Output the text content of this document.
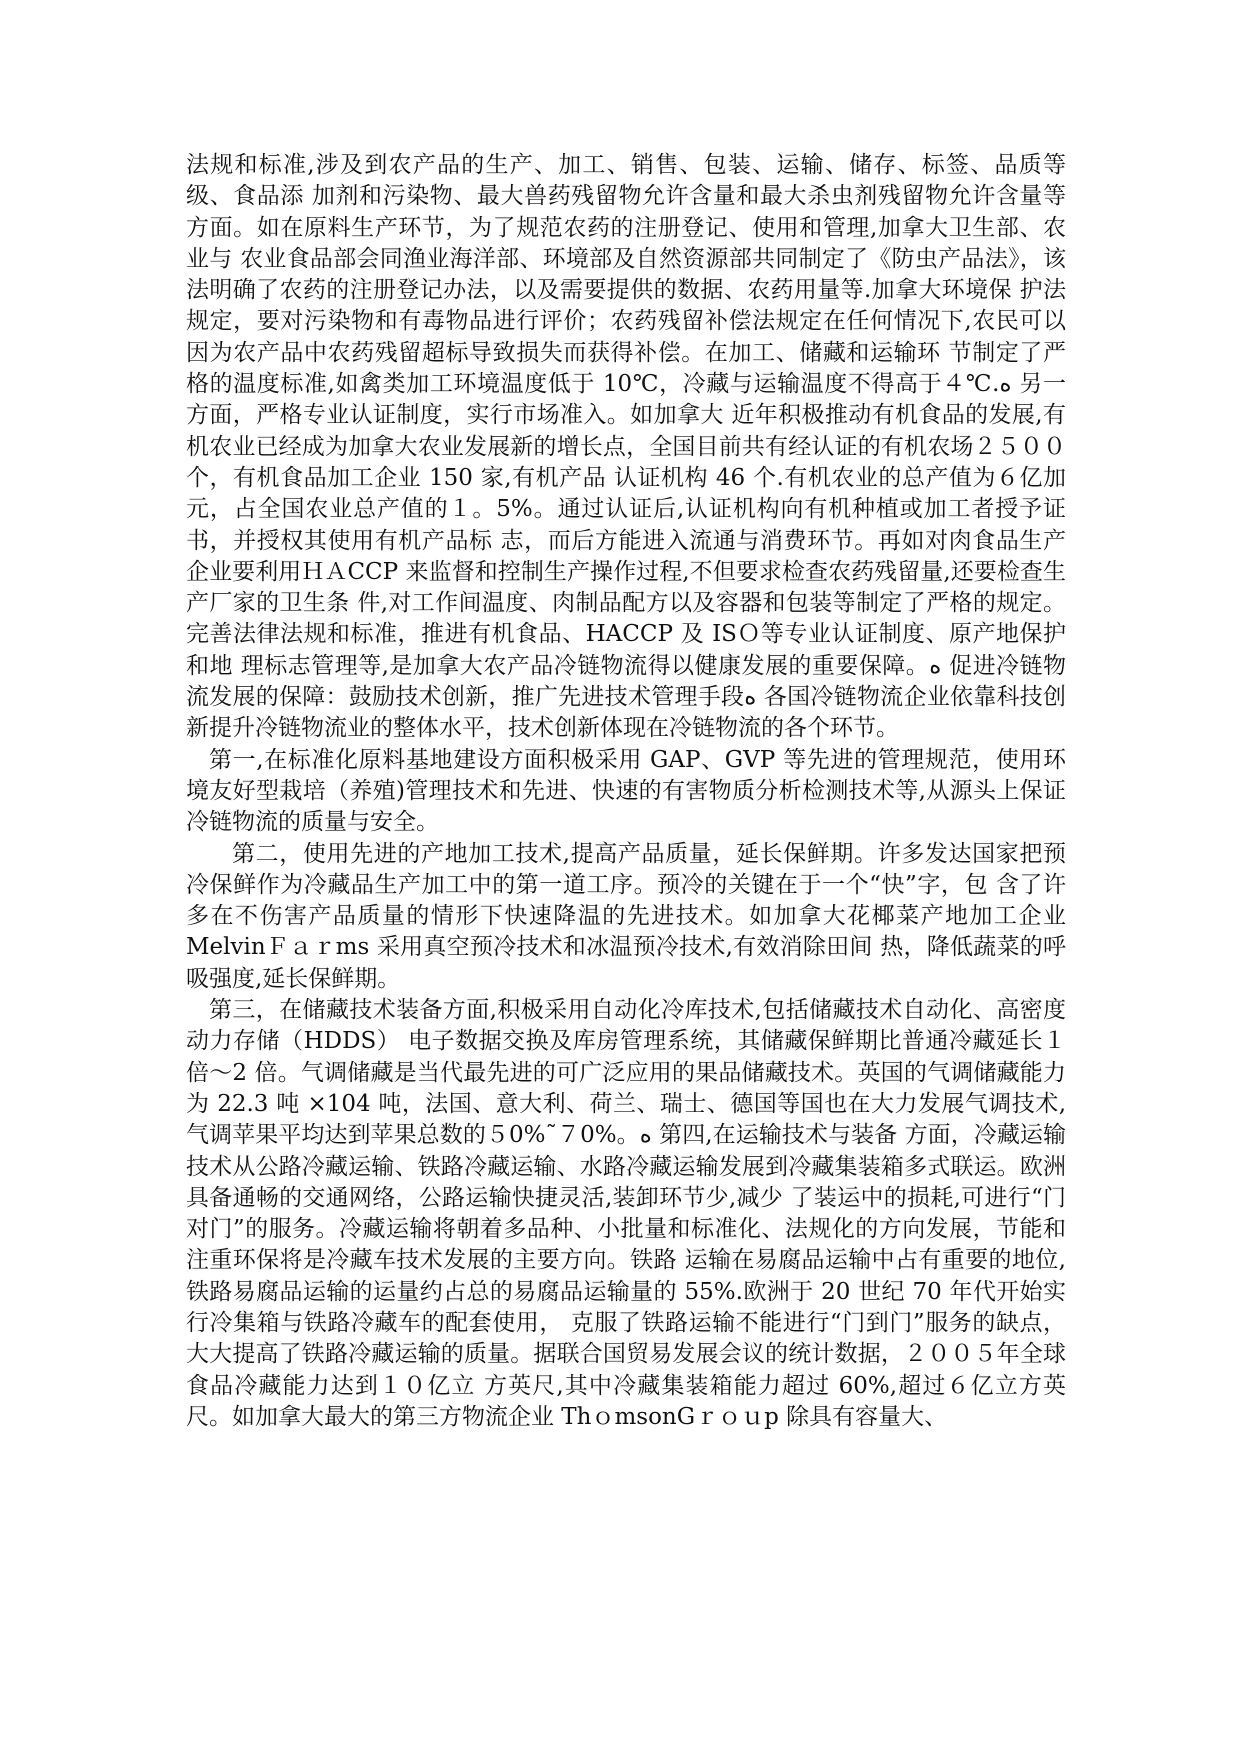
法规和标准,涉及到农产品的生产、加工、销售、包装、运输、储存、标签、品质等级、食品添 加剂和污染物、最大兽药残留物允许含量和最大杀虫剂残留物允许含量等方面。如在原料生产环节，为了规范农药的注册登记、使用和管理,加拿大卫生部、农业与 农业食品部会同渔业海洋部、环境部及自然资源部共同制定了《防虫产品法》，该法明确了农药的注册登记办法，以及需要提供的数据、农药用量等.加拿大环境保 护法规定，要对污染物和有毒物品进行评价；农药残留补偿法规定在任何情况下,农民可以因为农产品中农药残留超标导致损失而获得补偿。在加工、储藏和运输环 节制定了严格的温度标准,如禽类加工环境温度低于 10℃，冷藏与运输温度不得高于４℃.ﻩ 另一方面，严格专业认证制度，实行市场准入。如加拿大 近年积极推动有机食品的发展,有机农业已经成为加拿大农业发展新的增长点，全国目前共有经认证的有机农场２５００个，有机食品加工企业 150 家,有机产品 认证机构 46 个.有机农业的总产值为６亿加元，占全国农业总产值的１。5%。通过认证后,认证机构向有机种植或加工者授予证书，并授权其使用有机产品标 志，而后方能进入流通与消费环节。再如对肉食品生产企业要利用ＨＡCCP 来监督和控制生产操作过程,不但要求检查农药残留量,还要检查生产厂家的卫生条 件,对工作间温度、肉制品配方以及容器和包装等制定了严格的规定。完善法律法规和标准，推进有机食品、HACCP 及 ISＯ等专业认证制度、原产地保护和地 理标志管理等,是加拿大农产品冷链物流得以健康发展的重要保障。ﻩ 促进冷链物流发展的保障：鼓励技术创新，推广先进技术管理手段ﻩ 各国冷链物流企业依靠科技创新提升冷链物流业的整体水平，技术创新体现在冷链物流的各个环节。

第一,在标准化原料基地建设方面积极采用 GAP、GVP 等先进的管理规范，使用环境友好型栽培（养殖)管理技术和先进、快速的有害物质分析检测技术等,从源头上保证冷链物流的质量与安全。

第二，使用先进的产地加工技术,提高产品质量，延长保鲜期。许多发达国家把预冷保鲜作为冷藏品生产加工中的第一道工序。预冷的关键在于一个“快”字，包 含了许多在不伤害产品质量的情形下快速降温的先进技术。如加拿大花椰菜产地加工企业 MelvinＦａｒms 采用真空预冷技术和冰温预冷技术,有效消除田间 热，降低蔬菜的呼吸强度,延长保鲜期。

第三，在储藏技术装备方面,积极采用自动化冷库技术,包括储藏技术自动化、高密度动力存储（HDDS） 电子数据交换及库房管理系统，其储藏保鲜期比普通冷藏延长１倍～2 倍。气调储藏是当代最先进的可广泛应用的果品储藏技术。英国的气调储藏能力为 22.3 吨 ×104 吨，法国、意大利、荷兰、瑞士、德国等国也在大力发展气调技术,气调苹果平均达到苹果总数的５0%˜７0%。ﻩ 第四,在运输技术与装备 方面，冷藏运输技术从公路冷藏运输、铁路冷藏运输、水路冷藏运输发展到冷藏集装箱多式联运。欧洲具备通畅的交通网络，公路运输快捷灵活,装卸环节少,减少 了装运中的损耗,可进行“门对门”的服务。冷藏运输将朝着多品种、小批量和标准化、法规化的方向发展，节能和注重环保将是冷藏车技术发展的主要方向。铁路 运输在易腐品运输中占有重要的地位,铁路易腐品运输的运量约占总的易腐品运输量的 55%.欧洲于 20 世纪 70 年代开始实行冷集箱与铁路冷藏车的配套使用， 克服了铁路运输不能进行“门到门”服务的缺点，大大提高了铁路冷藏运输的质量。据联合国贸易发展会议的统计数据，２００５年全球食品冷藏能力达到１０亿立 方英尺,其中冷藏集装箱能力超过 60%,超过６亿立方英尺。如加拿大最大的第三方物流企业 ThｏmsonGｒｏｕp 除具有容量大、
